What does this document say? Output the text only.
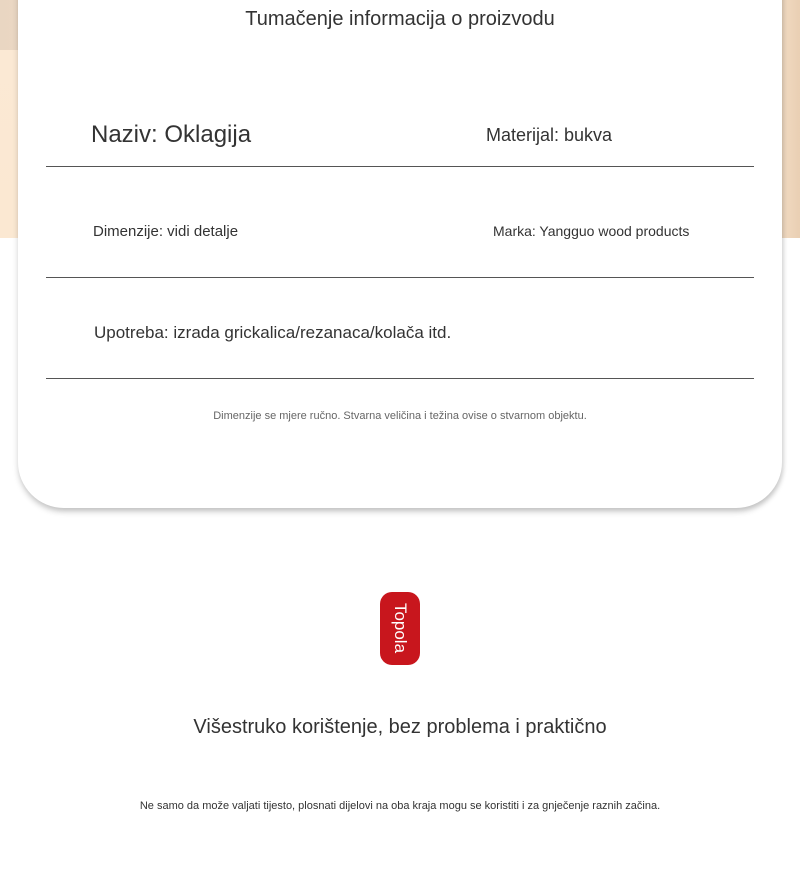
Tumačenje informacija o proizvodu
Naziv: Oklagija	Materijal: bukva
Dimenzije: vidi detalje	Marka: Yangguo wood products
Upotreba: izrada grickalica/rezanaca/kolača itd.
Dimenzije se mjere ručno. Stvarna veličina i težina ovise o stvarnom objektu.
Topola
Višestruko korištenje, bez problema i praktično
Ne samo da može valjati tijesto, plosnati dijelovi na oba kraja mogu se koristiti i za gnječenje raznih začina.
